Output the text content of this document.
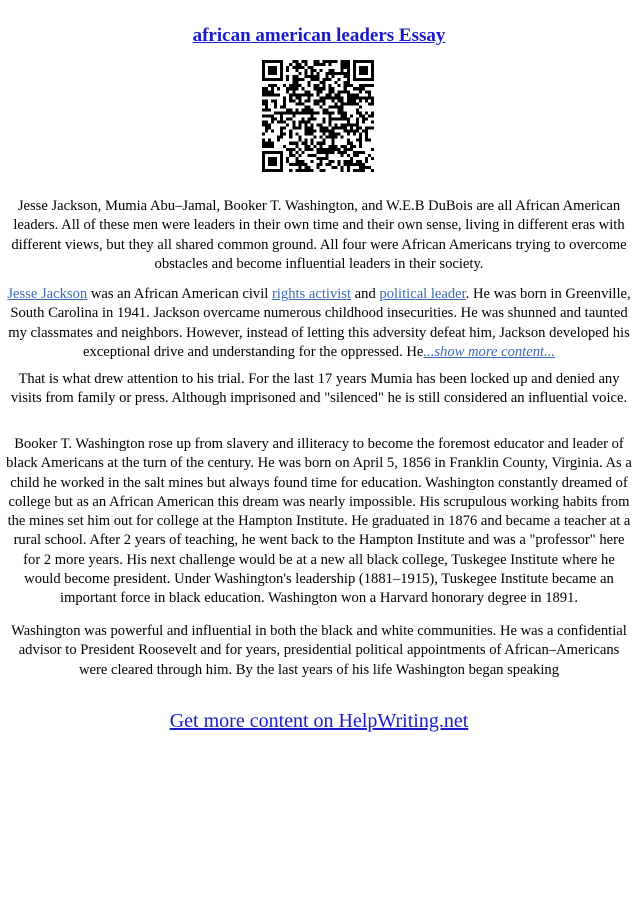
african american leaders Essay

Jesse Jackson, Mumia Abu–Jamal, Booker T. Washington, and W.E.B DuBois are all African American leaders. All of these men were leaders in their own time and their own sense, living in different eras with different views, but they all shared common ground. All four were African Americans trying to overcome obstacles and become influential leaders in their society.

Jesse Jackson was an African American civil rights activist and political leader. He was born in Greenville, South Carolina in 1941. Jackson overcame numerous childhood insecurities. He was shunned and taunted my classmates and neighbors. However, instead of letting this adversity defeat him, Jackson developed his exceptional drive and understanding for the oppressed. He...show more content...

That is what drew attention to his trial. For the last 17 years Mumia has been locked up and denied any visits from family or press. Although imprisoned and "silenced" he is still considered an influential voice.

Booker T. Washington rose up from slavery and illiteracy to become the foremost educator and leader of black Americans at the turn of the century. He was born on April 5, 1856 in Franklin County, Virginia. As a child he worked in the salt mines but always found time for education. Washington constantly dreamed of college but as an African American this dream was nearly impossible. His scrupulous working habits from the mines set him out for college at the Hampton Institute. He graduated in 1876 and became a teacher at a rural school. After 2 years of teaching, he went back to the Hampton Institute and was a "professor" here for 2 more years. His next challenge would be at a new all black college, Tuskegee Institute where he would become president. Under Washington's leadership (1881–1915), Tuskegee Institute became an important force in black education. Washington won a Harvard honorary degree in 1891.

Washington was powerful and influential in both the black and white communities. He was a confidential advisor to President Roosevelt and for years, presidential political appointments of African–Americans were cleared through him. By the last years of his life Washington began speaking

Get more content on HelpWriting.net
